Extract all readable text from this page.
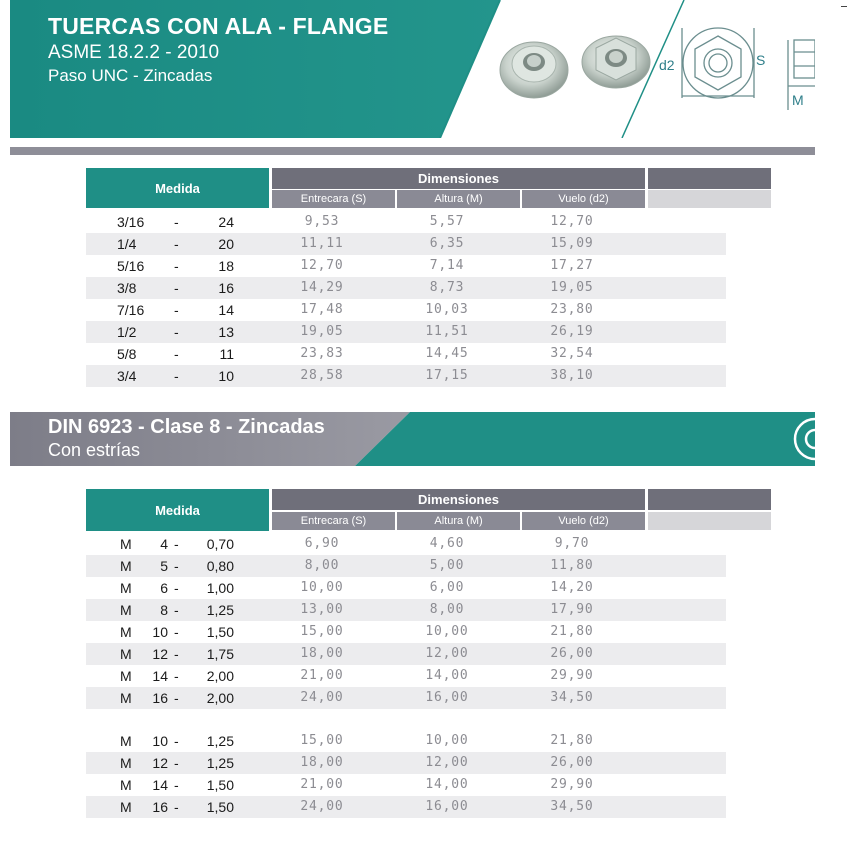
TUERCAS CON ALA - FLANGE
ASME 18.2.2 - 2010
Paso UNC - Zincadas
d2	S
M
Medida
Dimensiones
Entrecara (S)	Altura (M)	Vuelo (d2)
3/16	-	24	9,53	5,57	12,70
1/4	-	20	11,11	6,35	15,09
5/16	-	18	12,70	7,14	17,27
3/8	-	16	14,29	8,73	19,05
7/16	-	14	17,48	10,03	23,80
1/2	-	13	19,05	11,51	26,19
5/8	-	11	23,83	14,45	32,54
3/4	-	10	28,58	17,15	38,10
DIN 6923 - Clase 8 - Zincadas
Con estrías
Medida
Dimensiones
Entrecara (S)	Altura (M)	Vuelo (d2)
M	4 -	0,70	6,90	4,60	9,70
M	5 -	0,80	8,00	5,00	11,80
M	6 -	1,00	10,00	6,00	14,20
M	8 -	1,25	13,00	8,00	17,90
M	10 -	1,50	15,00	10,00	21,80
M	12 -	1,75	18,00	12,00	26,00
M	14 -	2,00	21,00	14,00	29,90
M	16 -	2,00	24,00	16,00	34,50
M	10 -	1,25	15,00	10,00	21,80
M	12 -	1,25	18,00	12,00	26,00
M	14 -	1,50	21,00	14,00	29,90
M	16 -	1,50	24,00	16,00	34,50
